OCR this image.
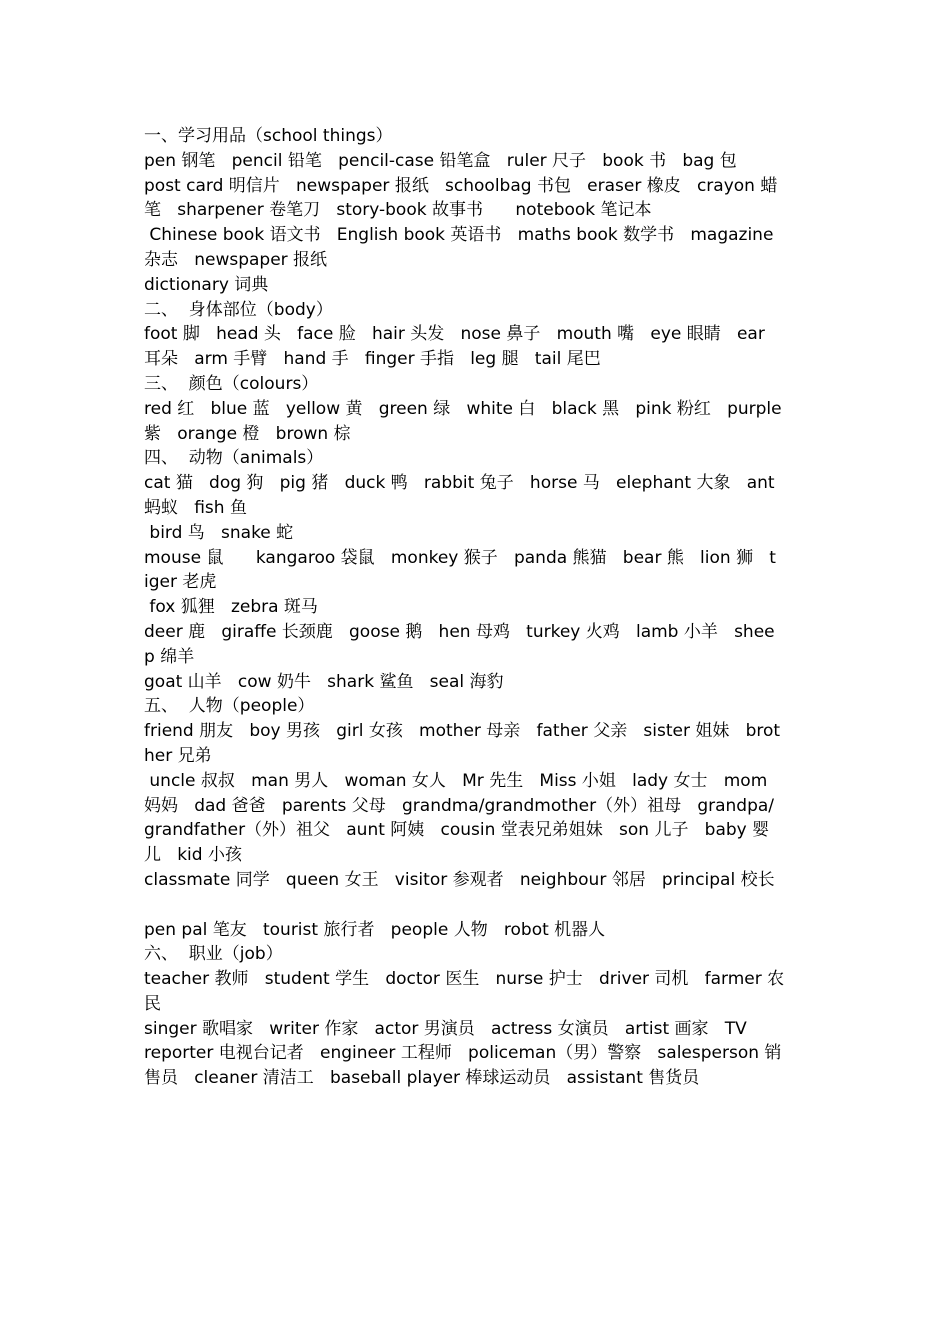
一、学习用品（school things）
pen 钢笔   pencil 铅笔   pencil-case 铅笔盒   ruler 尺子   book 书   bag 包
post card 明信片   newspaper 报纸   schoolbag 书包   eraser 橡皮   crayon 蜡
笔   sharpener 卷笔刀   story-book 故事书      notebook 笔记本
Chinese book 语文书   English book 英语书   maths book 数学书   magazine
杂志   newspaper 报纸
dictionary 词典
二、  身体部位（body）
foot 脚   head 头   face 脸   hair 头发   nose 鼻子   mouth 嘴   eye 眼睛   ear
耳朵   arm 手臂   hand 手   finger 手指   leg 腿   tail 尾巴
三、  颜色（colours）
red 红   blue 蓝   yellow 黄   green 绿   white 白   black 黑   pink 粉红   purple
紫   orange 橙   brown 棕
四、  动物（animals）
cat 猫   dog 狗   pig 猪   duck 鸭   rabbit 兔子   horse 马   elephant 大象   ant
蚂蚁   fish 鱼
bird 鸟   snake 蛇
mouse 鼠      kangaroo 袋鼠   monkey 猴子   panda 熊猫   bear 熊   lion 狮   t
iger 老虎
fox 狐狸   zebra 斑马
deer 鹿   giraffe 长颈鹿   goose 鹅   hen 母鸡   turkey 火鸡   lamb 小羊   shee
p 绵羊
goat 山羊   cow 奶牛   shark 鲨鱼   seal 海豹
五、  人物（people）
friend 朋友   boy 男孩   girl 女孩   mother 母亲   father 父亲   sister 姐妹   brot
her 兄弟
uncle 叔叔   man 男人   woman 女人   Mr 先生   Miss 小姐   lady 女士   mom
妈妈   dad 爸爸   parents 父母   grandma/grandmother（外）祖母   grandpa/
grandfather（外）祖父   aunt 阿姨   cousin 堂表兄弟姐妹   son 儿子   baby 婴
儿   kid 小孩
classmate 同学   queen 女王   visitor 参观者   neighbour 邻居   principal 校长
pen pal 笔友   tourist 旅行者   people 人物   robot 机器人
六、  职业（job）
teacher 教师   student 学生   doctor 医生   nurse 护士   driver 司机   farmer 农
民
singer 歌唱家   writer 作家   actor 男演员   actress 女演员   artist 画家   TV
reporter 电视台记者   engineer 工程师   policeman（男）警察   salesperson 销
售员   cleaner 清洁工   baseball player 棒球运动员   assistant 售货员
